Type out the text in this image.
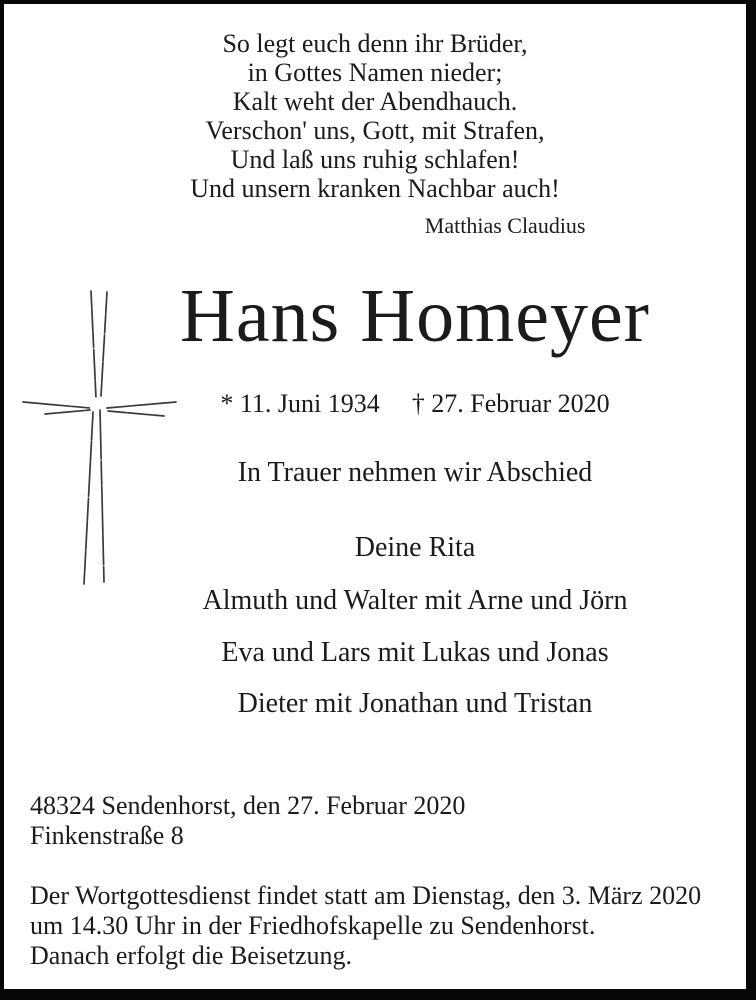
So legt euch denn ihr Brüder,
in Gottes Namen nieder;
Kalt weht der Abendhauch.
Verschon' uns, Gott, mit Strafen,
Und laß uns ruhig schlafen!
Und unsern kranken Nachbar auch!
Matthias Claudius
Hans Homeyer
* 11. Juni 1934 † 27. Februar 2020
In Trauer nehmen wir Abschied
Deine Rita
Almuth und Walter mit Arne und Jörn
Eva und Lars mit Lukas und Jonas
Dieter mit Jonathan und Tristan
48324 Sendenhorst, den 27. Februar 2020
Finkenstraße 8
Der Wortgottesdienst findet statt am Dienstag, den 3. März 2020
um 14.30 Uhr in der Friedhofskapelle zu Sendenhorst.
Danach erfolgt die Beisetzung.
